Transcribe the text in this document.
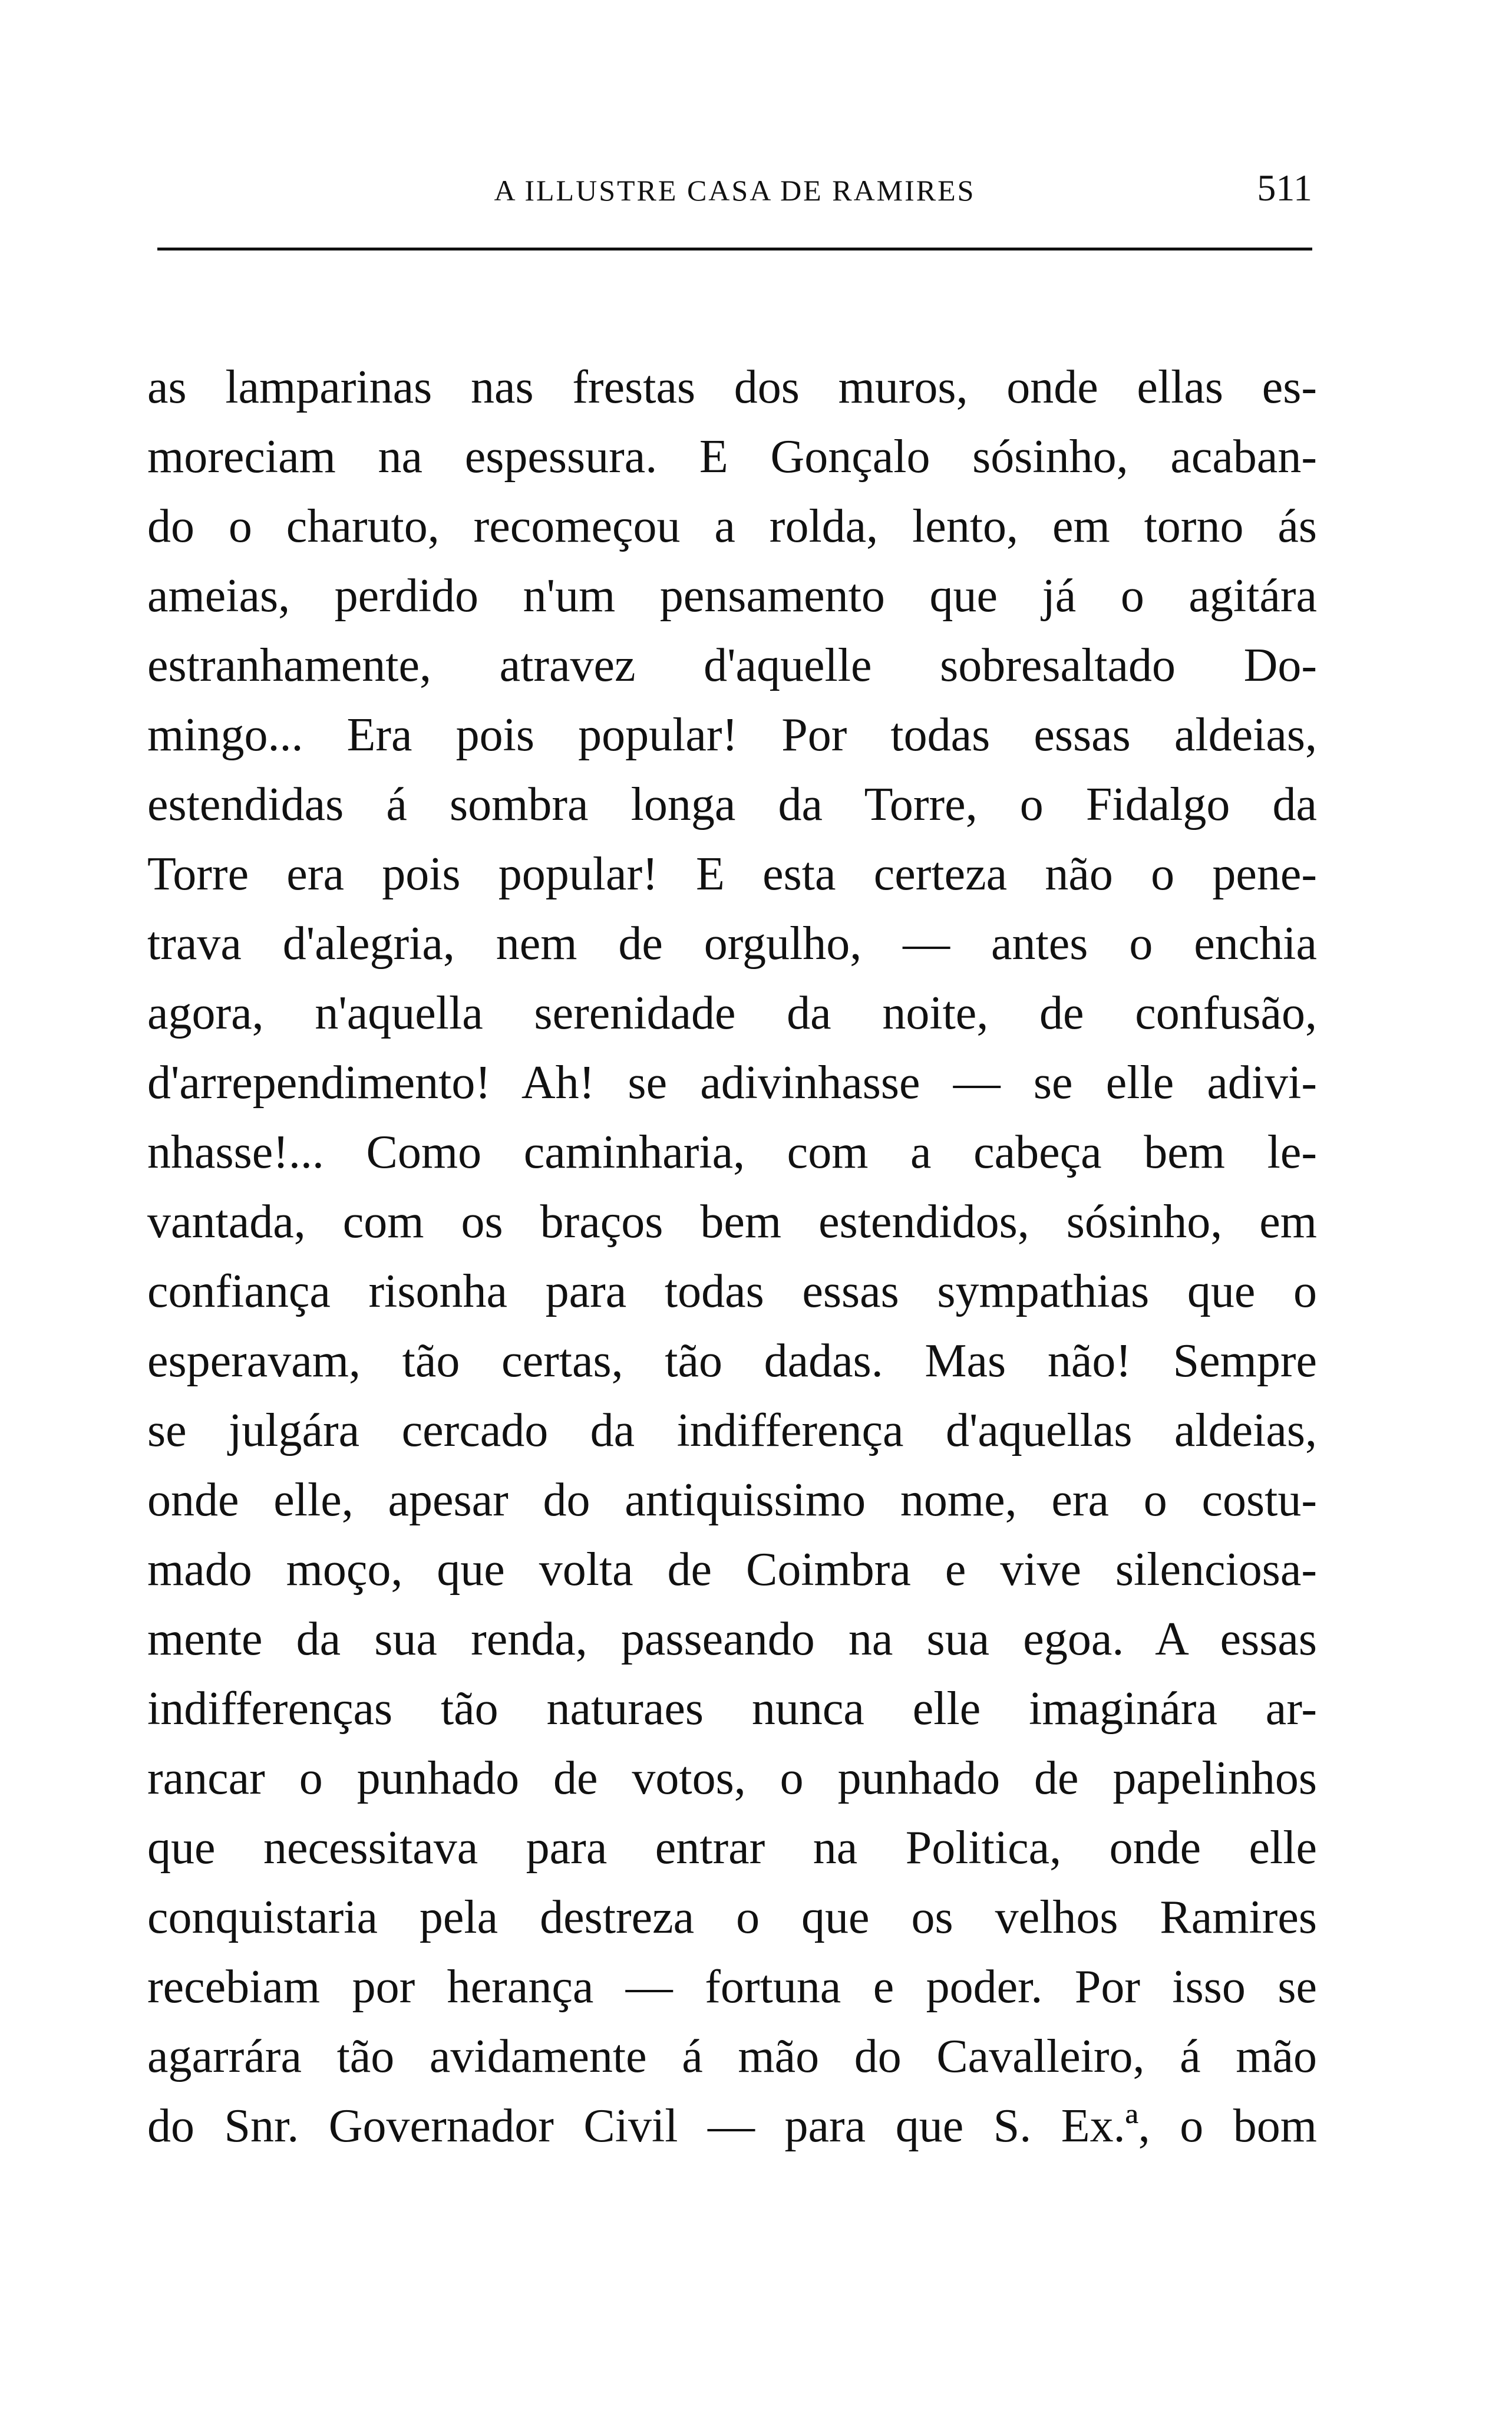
A ILLUSTRE CASA DE RAMIRES	511
as lamparinas nas frestas dos muros, onde ellas es-
moreciam na espessura. E Gonçalo sósinho, acaban-
do o charuto, recomeçou a rolda, lento, em torno ás
ameias, perdido n'um pensamento que já o agitára
estranhamente, atravez d'aquelle sobresaltado Do-
mingo... Era pois popular! Por todas essas aldeias,
estendidas á sombra longa da Torre, o Fidalgo da
Torre era pois popular! E esta certeza não o pene-
trava d'alegria, nem de orgulho, — antes o enchia
agora, n'aquella serenidade da noite, de confusão,
d'arrependimento! Ah! se adivinhasse — se elle adivi-
nhasse!... Como caminharia, com a cabeça bem le-
vantada, com os braços bem estendidos, sósinho, em
confiança risonha para todas essas sympathias que o
esperavam, tão certas, tão dadas. Mas não! Sempre
se julgára cercado da indifferença d'aquellas aldeias,
onde elle, apesar do antiquissimo nome, era o costu-
mado moço, que volta de Coimbra e vive silenciosa-
mente da sua renda, passeando na sua egoa. A essas
indifferenças tão naturaes nunca elle imaginára ar-
rancar o punhado de votos, o punhado de papelinhos
que necessitava para entrar na Politica, onde elle
conquistaria pela destreza o que os velhos Ramires
recebiam por herança — fortuna e poder. Por isso se
agarrára tão avidamente á mão do Cavalleiro, á mão
do Snr. Governador Civil — para que S. Ex.ª, o bom
